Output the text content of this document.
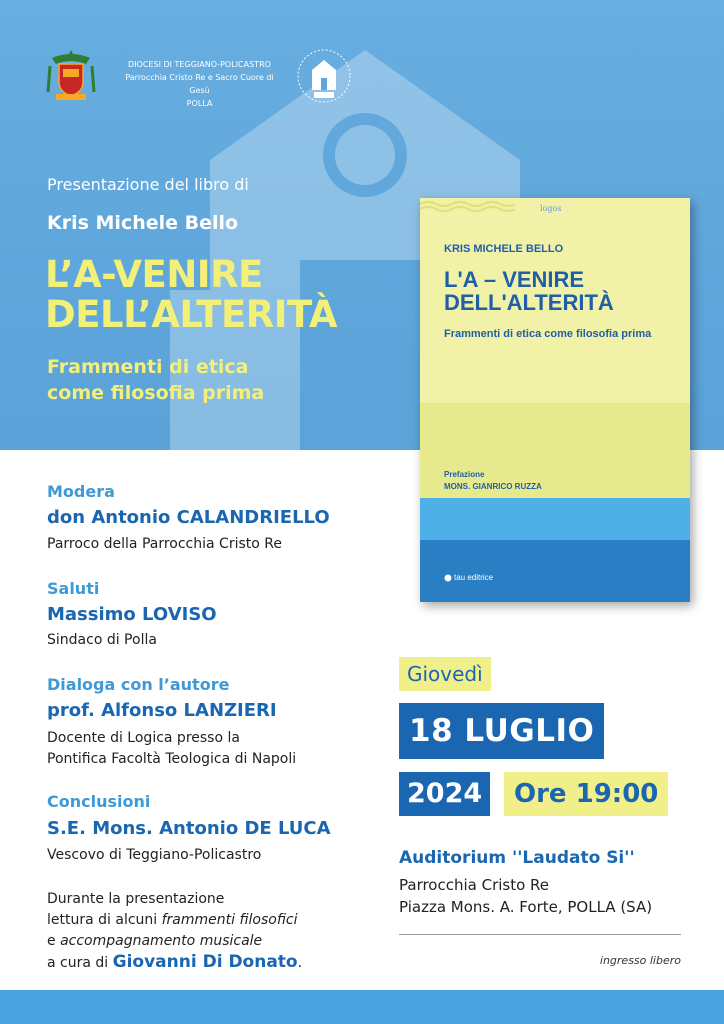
DIOCESI DI TEGGIANO-POLICASTRO
Parrocchia Cristo Re e Sacro Cuore di Gesù
POLLA
Presentazione del libro di
Kris Michele Bello
L’A-VENIRE
DELL’ALTERITÀ
Frammenti di etica
come filosofia prima
logos
KRIS MICHELE BELLO
L'A – VENIRE
DELL'ALTERITÀ
Frammenti di etica come filosofia prima
Prefazione
MONS. GIANRICO RUZZA
tau editrice
Modera
don Antonio CALANDRIELLO
Parroco della Parrocchia Cristo Re
Saluti
Massimo LOVISO
Sindaco di Polla
Dialoga con l’autore
prof. Alfonso LANZIERI
Docente di Logica presso la
Pontifica Facoltà Teologica di Napoli
Conclusioni
S.E. Mons. Antonio DE LUCA
Vescovo di Teggiano-Policastro
Durante la presentazione
lettura di alcuni frammenti filosofici
e accompagnamento musicale
a cura di Giovanni Di Donato.
Giovedì
18 LUGLIO
2024	Ore 19:00
Auditorium ''Laudato Si''
Parrocchia Cristo Re
Piazza Mons. A. Forte, POLLA (SA)
ingresso libero
